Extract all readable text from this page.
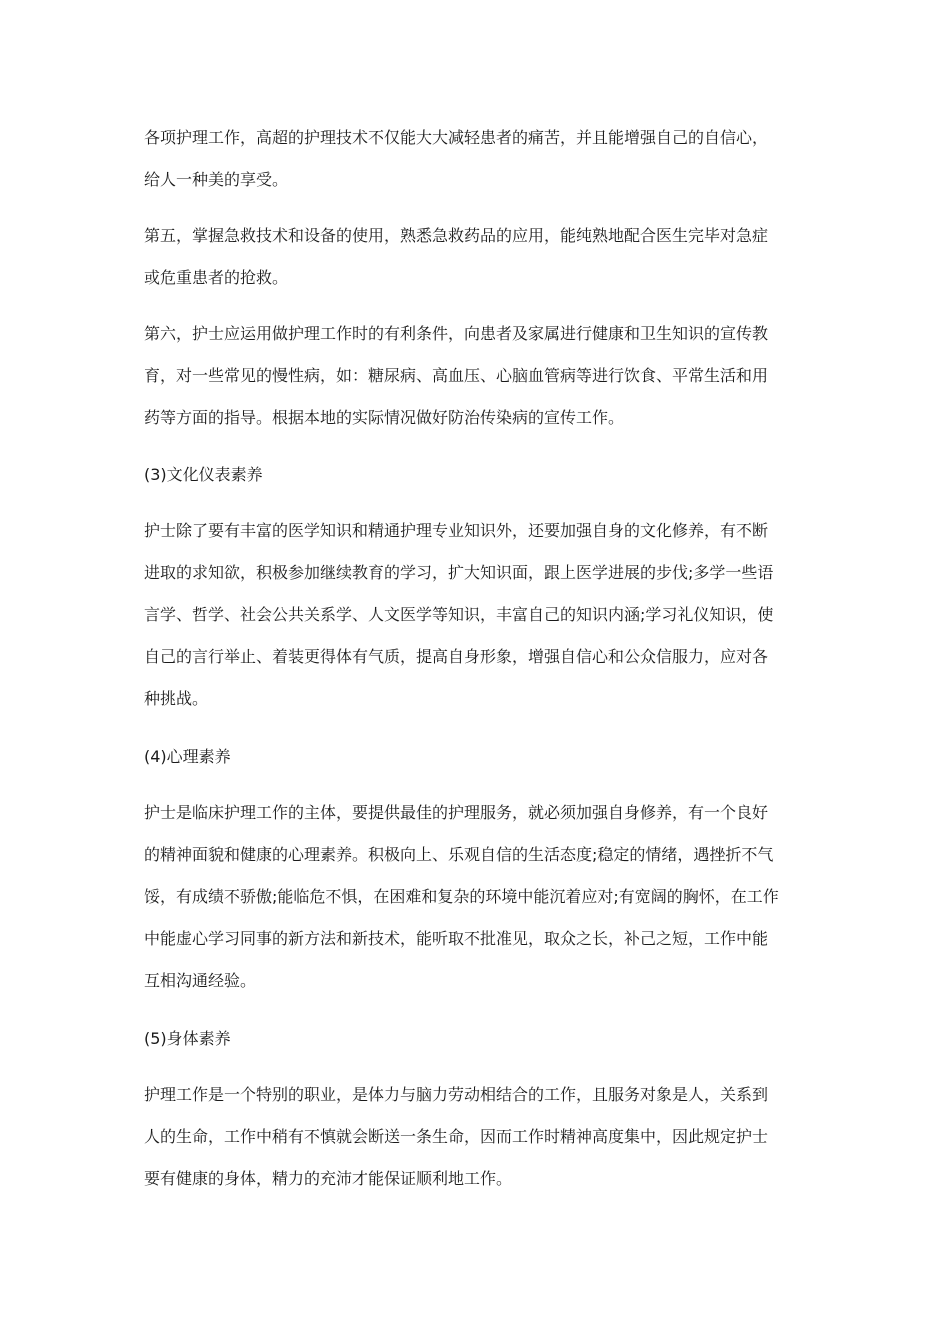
各项护理工作，高超的护理技术不仅能大大减轻患者的痛苦，并且能增强自己的自信心，
给人一种美的享受。

第五，掌握急救技术和设备的使用，熟悉急救药品的应用，能纯熟地配合医生完毕对急症
或危重患者的抢救。

第六，护士应运用做护理工作时的有利条件，向患者及家属进行健康和卫生知识的宣传教
育，对一些常见的慢性病，如：糖尿病、高血压、心脑血管病等进行饮食、平常生活和用
药等方面的指导。根据本地的实际情况做好防治传染病的宣传工作。

(3)文化仪表素养

护士除了要有丰富的医学知识和精通护理专业知识外，还要加强自身的文化修养，有不断
进取的求知欲，积极参加继续教育的学习，扩大知识面，跟上医学进展的步伐;多学一些语
言学、哲学、社会公共关系学、人文医学等知识，丰富自己的知识内涵;学习礼仪知识，使
自己的言行举止、着装更得体有气质，提高自身形象，增强自信心和公众信服力，应对各
种挑战。

(4)心理素养

护士是临床护理工作的主体，要提供最佳的护理服务，就必须加强自身修养，有一个良好
的精神面貌和健康的心理素养。积极向上、乐观自信的生活态度;稳定的情绪，遇挫折不气
馁，有成绩不骄傲;能临危不惧，在困难和复杂的环境中能沉着应对;有宽阔的胸怀，在工作
中能虚心学习同事的新方法和新技术，能听取不批准见，取众之长，补己之短，工作中能
互相沟通经验。

(5)身体素养

护理工作是一个特别的职业，是体力与脑力劳动相结合的工作，且服务对象是人，关系到
人的生命，工作中稍有不慎就会断送一条生命，因而工作时精神高度集中，因此规定护士
要有健康的身体，精力的充沛才能保证顺利地工作。
